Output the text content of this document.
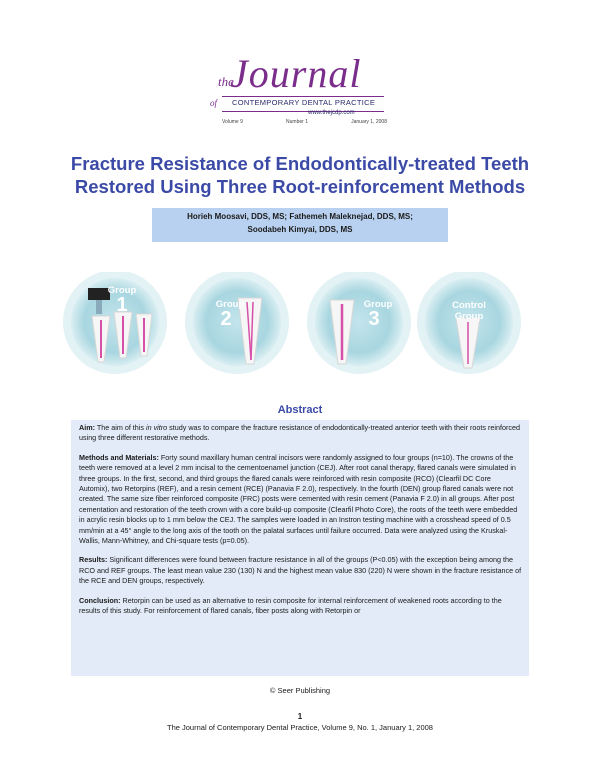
Journal
the
of CONTEMPORARY DENTAL PRACTICE
www.thejcdp.com
Volume 9	Number 1	January 1, 2008
Fracture Resistance of Endodontically-treated Teeth
Restored Using Three Root-reinforcement Methods
Horieh Moosavi, DDS, MS; Fathemeh Maleknejad, DDS, MS;
Soodabeh Kimyai, DDS, MS
Group
1	Group
2
Group
3
Control
Group
Abstract

Aim: The aim of this in vitro study was to compare the fracture resistance of endodontically-treated anterior teeth with their roots reinforced using three different restorative methods.

Methods and Materials: Forty sound maxillary human central incisors were randomly assigned to four groups (n=10). The crowns of the teeth were removed at a level 2 mm incisal to the cementoenamel junction (CEJ). After root canal therapy, flared canals were simulated in three groups. In the first, second, and third groups the flared canals were reinforced with resin composite (RCO) (Clearfil DC Core Automix), two Retorpins (REF), and a resin cement (RCE) (Panavia F 2.0), respectively. In the fourth (DEN) group flared canals were not created. The same size fiber reinforced composite (FRC) posts were cemented with resin cement (Panavia F 2.0) in all groups. After post cementation and restoration of the teeth crown with a core build-up composite (Clearfil Photo Core), the roots of the teeth were embedded in acrylic resin blocks up to 1 mm below the CEJ. The samples were loaded in an Instron testing machine with a crosshead speed of 0.5 mm/min at a 45° angle to the long axis of the tooth on the palatal surfaces until failure occurred. Data were analyzed using the Kruskal-Wallis, Mann-Whitney, and Chi-square tests (p=0.05).

Results: Significant differences were found between fracture resistance in all of the groups (P<0.05) with the exception being among the RCO and REF groups. The least mean value 230 (130) N and the highest mean value 830 (220) N were shown in the fracture resistance of the RCE and DEN groups, respectively.

Conclusion: Retorpin can be used as an alternative to resin composite for internal reinforcement of weakened roots according to the results of this study. For reinforcement of flared canals, fiber posts along with Retorpin or

© Seer Publishing
1
The Journal of Contemporary Dental Practice, Volume 9, No. 1, January 1, 2008
